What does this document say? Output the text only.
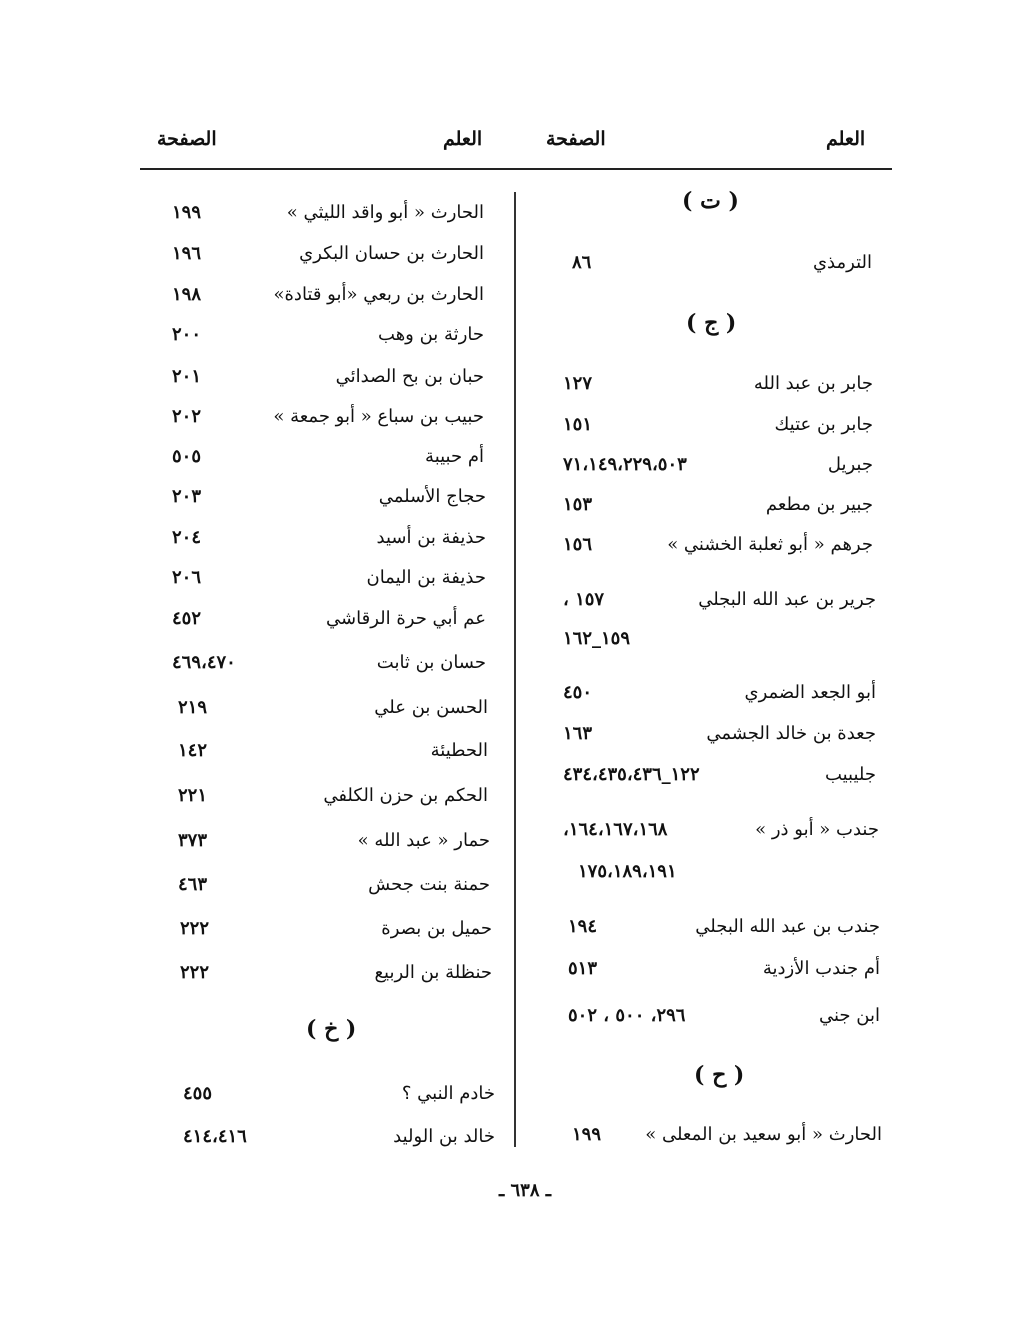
العلم
الصفحة
العلم
الصفحة
( ت )
الترمذي
٨٦
( ج )
جابر بن عبد الله
١٢٧
جابر بن عتيك
١٥١
جبريل
٧١،١٤٩،٢٢٩،٥٠٣
جبير بن مطعم
١٥٣
جرهم « أبو ثعلبة الخشني »
١٥٦
جرير بن عبد الله البجلي
١٥٧ ،
١٥٩_١٦٢
أبو الجعد الضمري
٤٥٠
جعدة بن خالد الجشمي
١٦٣
جليبيب
١٢٢_٤٣٤،٤٣٥،٤٣٦
جندب « أبو ذر »
١٦٤،١٦٧،١٦٨،
١٧٥،١٨٩،١٩١
جندب بن عبد الله البجلي
١٩٤
أم جندب الأزدية
٥١٣
ابن جني
٢٩٦، ٥٠٠ ، ٥٠٢
( ح )
الحارث « أبو سعيد بن المعلى »
١٩٩
الحارث « أبو واقد الليثي »
١٩٩
الحارث بن حسان البكري
١٩٦
الحارث بن ربعي «أبو قتادة»
١٩٨
حارثة بن وهب
٢٠٠
حبان بن بح الصدائي
٢٠١
حبيب بن سباع « أبو جمعة »
٢٠٢
أم حبيبة
٥٠٥
حجاج الأسلمي
٢٠٣
حذيفة بن أسيد
٢٠٤
حذيفة بن اليمان
٢٠٦
عم أبي حرة الرقاشي
٤٥٢
حسان بن ثابت
٤٦٩،٤٧٠
الحسن بن علي
٢١٩
الحطيئة
١٤٢
الحكم بن حزن الكلفي
٢٢١
حمار « عبد الله »
٣٧٣
حمنة بنت جحش
٤٦٣
حميل بن بصرة
٢٢٢
حنظلة بن الربيع
٢٢٢
( خ )
خادم النبي ؟
٤٥٥
خالد بن الوليد
٤١٤،٤١٦
ـ ٦٣٨ ـ
